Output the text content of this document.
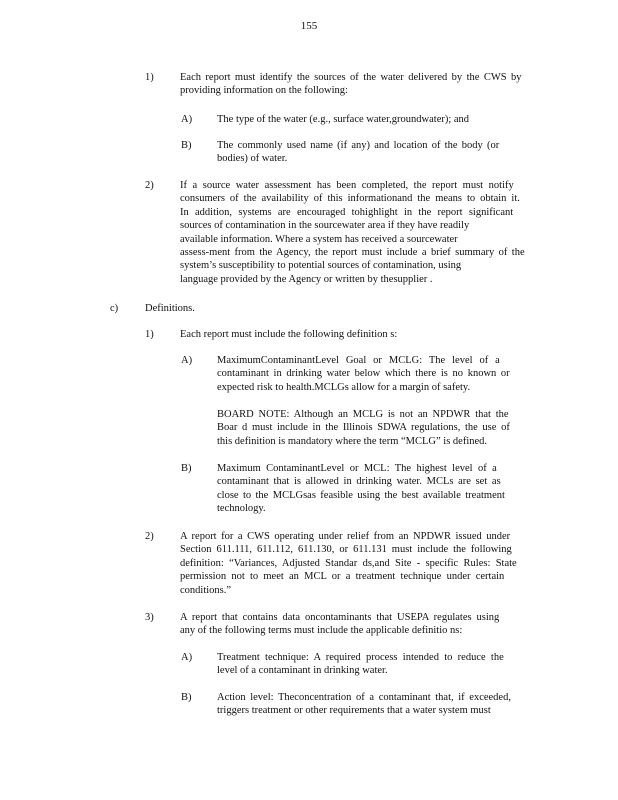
155
1)	Each report must identify the sources of the water delivered by the CWS by
providing information on the following:
A) The type of the water (e.g., surface water,groundwater); and
B) The commonly used name (if any) and location of the body (or
bodies) of water.
2)	If a source water assessment has been completed, the report must notify
consumers of the availability of this informationand the means to obtain it.
In addition, systems are encouraged tohighlight in the report significant
sources of contamination in the sourcewater area if they have readily
available information. Where a system has received a sourcewater
assess-ment from the Agency, the report must include a brief summary of the
system’s susceptibility to potential sources of contamination, using
language provided by the Agency or written by thesupplier .
c)	Definitions.
1)	Each report must include the following definition s:
A) MaximumContaminantLevel Goal or MCLG: The level of a
contaminant in drinking water below which there is no known or
expected risk to health.MCLGs allow for a margin of safety.
BOARD NOTE: Although an MCLG is not an NPDWR that the
Boar d must include in the Illinois SDWA regulations, the use of
this definition is mandatory where the term “MCLG” is defined.
B) Maximum ContaminantLevel or MCL: The highest level of a
contaminant that is allowed in drinking water. MCLs are set as
close to the MCLGsas feasible using the best available treatment
technology.
2)	A report for a CWS operating under relief from an NPDWR issued under
Section 611.111, 611.112, 611.130, or 611.131 must include the following
definition: “Variances, Adjusted Standar ds,and Site - specific Rules: State
permission not to meet an MCL or a treatment technique under certain
conditions.”
3)	A report that contains data oncontaminants that USEPA regulates using
any of the following terms must include the applicable definitio ns:
A) Treatment technique: A required process intended to reduce the
level of a contaminant in drinking water.
B) Action level: Theconcentration of a contaminant that, if exceeded,
triggers treatment or other requirements that a water system must
